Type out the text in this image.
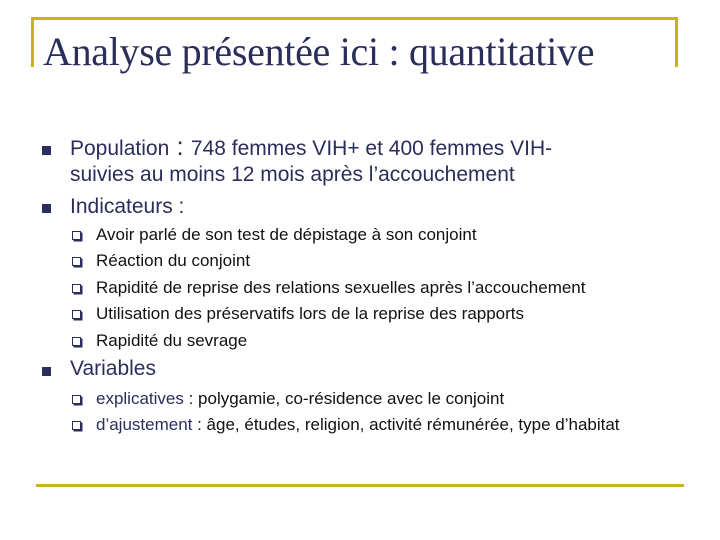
Analyse présentée ici : quantitative
Population : 748 femmes VIH+ et 400 femmes VIH-
suivies au moins 12 mois après l’accouchement
Indicateurs :
Avoir parlé de son test de dépistage à son conjoint
Réaction du conjoint
Rapidité de reprise des relations sexuelles après l’accouchement
Utilisation des préservatifs lors de la reprise des rapports
Rapidité du sevrage
Variables
explicatives : polygamie, co-résidence avec le conjoint
d’ajustement : âge, études, religion, activité rémunérée, type d’habitat
